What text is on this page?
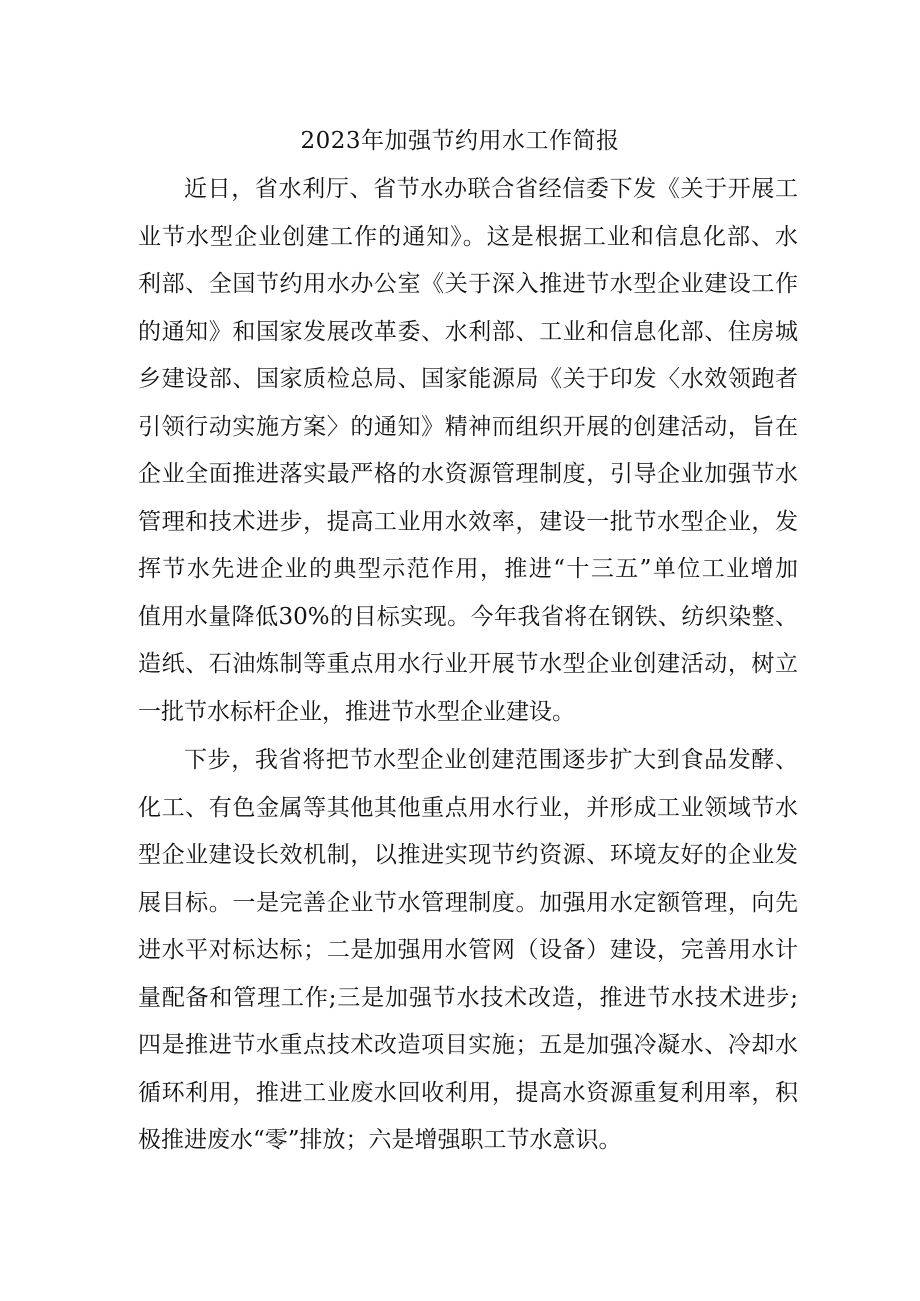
2023年加强节约用水工作简报
近日，省水利厅、省节水办联合省经信委下发《关于开展工
业节水型企业创建工作的通知》。这是根据工业和信息化部、水
利部、全国节约用水办公室《关于深入推进节水型企业建设工作
的通知》和国家发展改革委、水利部、工业和信息化部、住房城
乡建设部、国家质检总局、国家能源局《关于印发〈水效领跑者
引领行动实施方案〉的通知》精神而组织开展的创建活动，旨在
企业全面推进落实最严格的水资源管理制度，引导企业加强节水
管理和技术进步，提高工业用水效率，建设一批节水型企业，发
挥节水先进企业的典型示范作用，推进“十三五”单位工业增加
值用水量降低30%的目标实现。今年我省将在钢铁、纺织染整、
造纸、石油炼制等重点用水行业开展节水型企业创建活动，树立
一批节水标杆企业，推进节水型企业建设。
下步，我省将把节水型企业创建范围逐步扩大到食品发酵、
化工、有色金属等其他其他重点用水行业，并形成工业领域节水
型企业建设长效机制，以推进实现节约资源、环境友好的企业发
展目标。一是完善企业节水管理制度。加强用水定额管理，向先
进水平对标达标；二是加强用水管网（设备）建设，完善用水计
量配备和管理工作;三是加强节水技术改造，推进节水技术进步;
四是推进节水重点技术改造项目实施；五是加强冷凝水、冷却水
循环利用，推进工业废水回收利用，提高水资源重复利用率，积
极推进废水“零”排放；六是增强职工节水意识。
